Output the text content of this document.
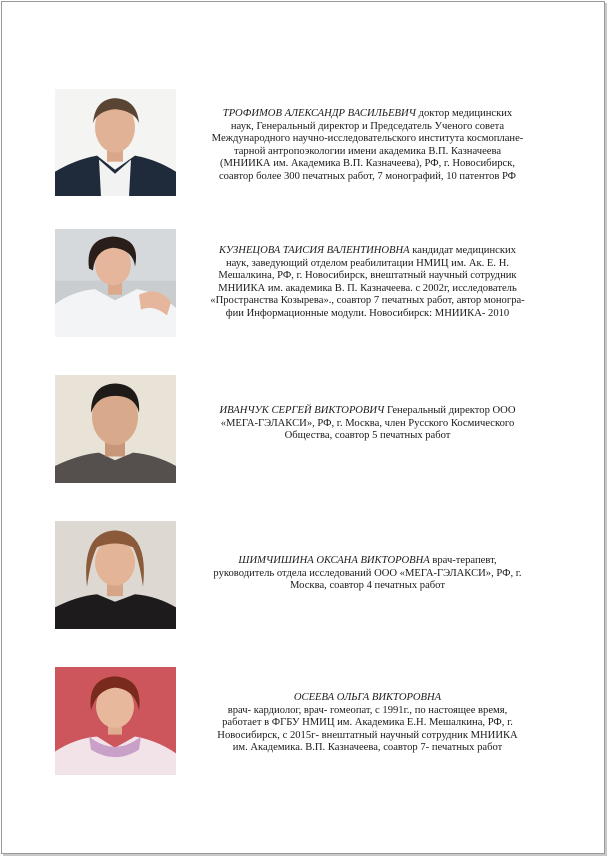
ТРОФИМОВ АЛЕКСАНДР ВАСИЛЬЕВИЧ доктор медицинских

наук, Генеральный директор и Председатель Ученого совета

Международного научно-исследовательского института космопланe-

тарной антропоэкологии имени академика В.П. Казначеева

(МНИИКА им. Академика В.П. Казначеева), РФ, г. Новосибирск,

соавтор более 300 печатных работ, 7 монографий, 10 патентов РФ

КУЗНЕЦОВА ТАИСИЯ ВАЛЕНТИНОВНА кандидат медицинских

наук, заведующий отделом реабилитации НМИЦ им. Ак. Е. Н.

Мешалкина, РФ, г. Новосибирск, внештатный научный сотрудник

МНИИКА им. академика В. П. Казначеева. с 2002г, исследователь

«Пространства Козырева»., соавтор 7 печатных работ, автор моногра-

фии Информационные модули. Новосибирск: МНИИКА- 2010

ИВАНЧУК СЕРГЕЙ ВИКТОРОВИЧ Генеральный директор ООО

«МЕГА-ГЭЛАКСИ», РФ, г. Москва, член Русского Космического

Общества, соавтор 5 печатных работ

ШИМЧИШИНА ОКСАНА ВИКТОРОВНА врач-терапевт,

руководитель отдела исследований ООО «МЕГА-ГЭЛАКСИ», РФ, г.

Москва, соавтор 4 печатных работ

ОСЕЕВА ОЛЬГА ВИКТОРОВНА

врач- кардиолог, врач- гомеопат, с 1991г., по настоящее время,

работает в ФГБУ НМИЦ им. Академика Е.Н. Мешалкина, РФ, г.

Новосибирск, с 2015г- внештатный научный сотрудник МНИИКА

им. Академика. В.П. Казначеева, соавтор 7- печатных работ
